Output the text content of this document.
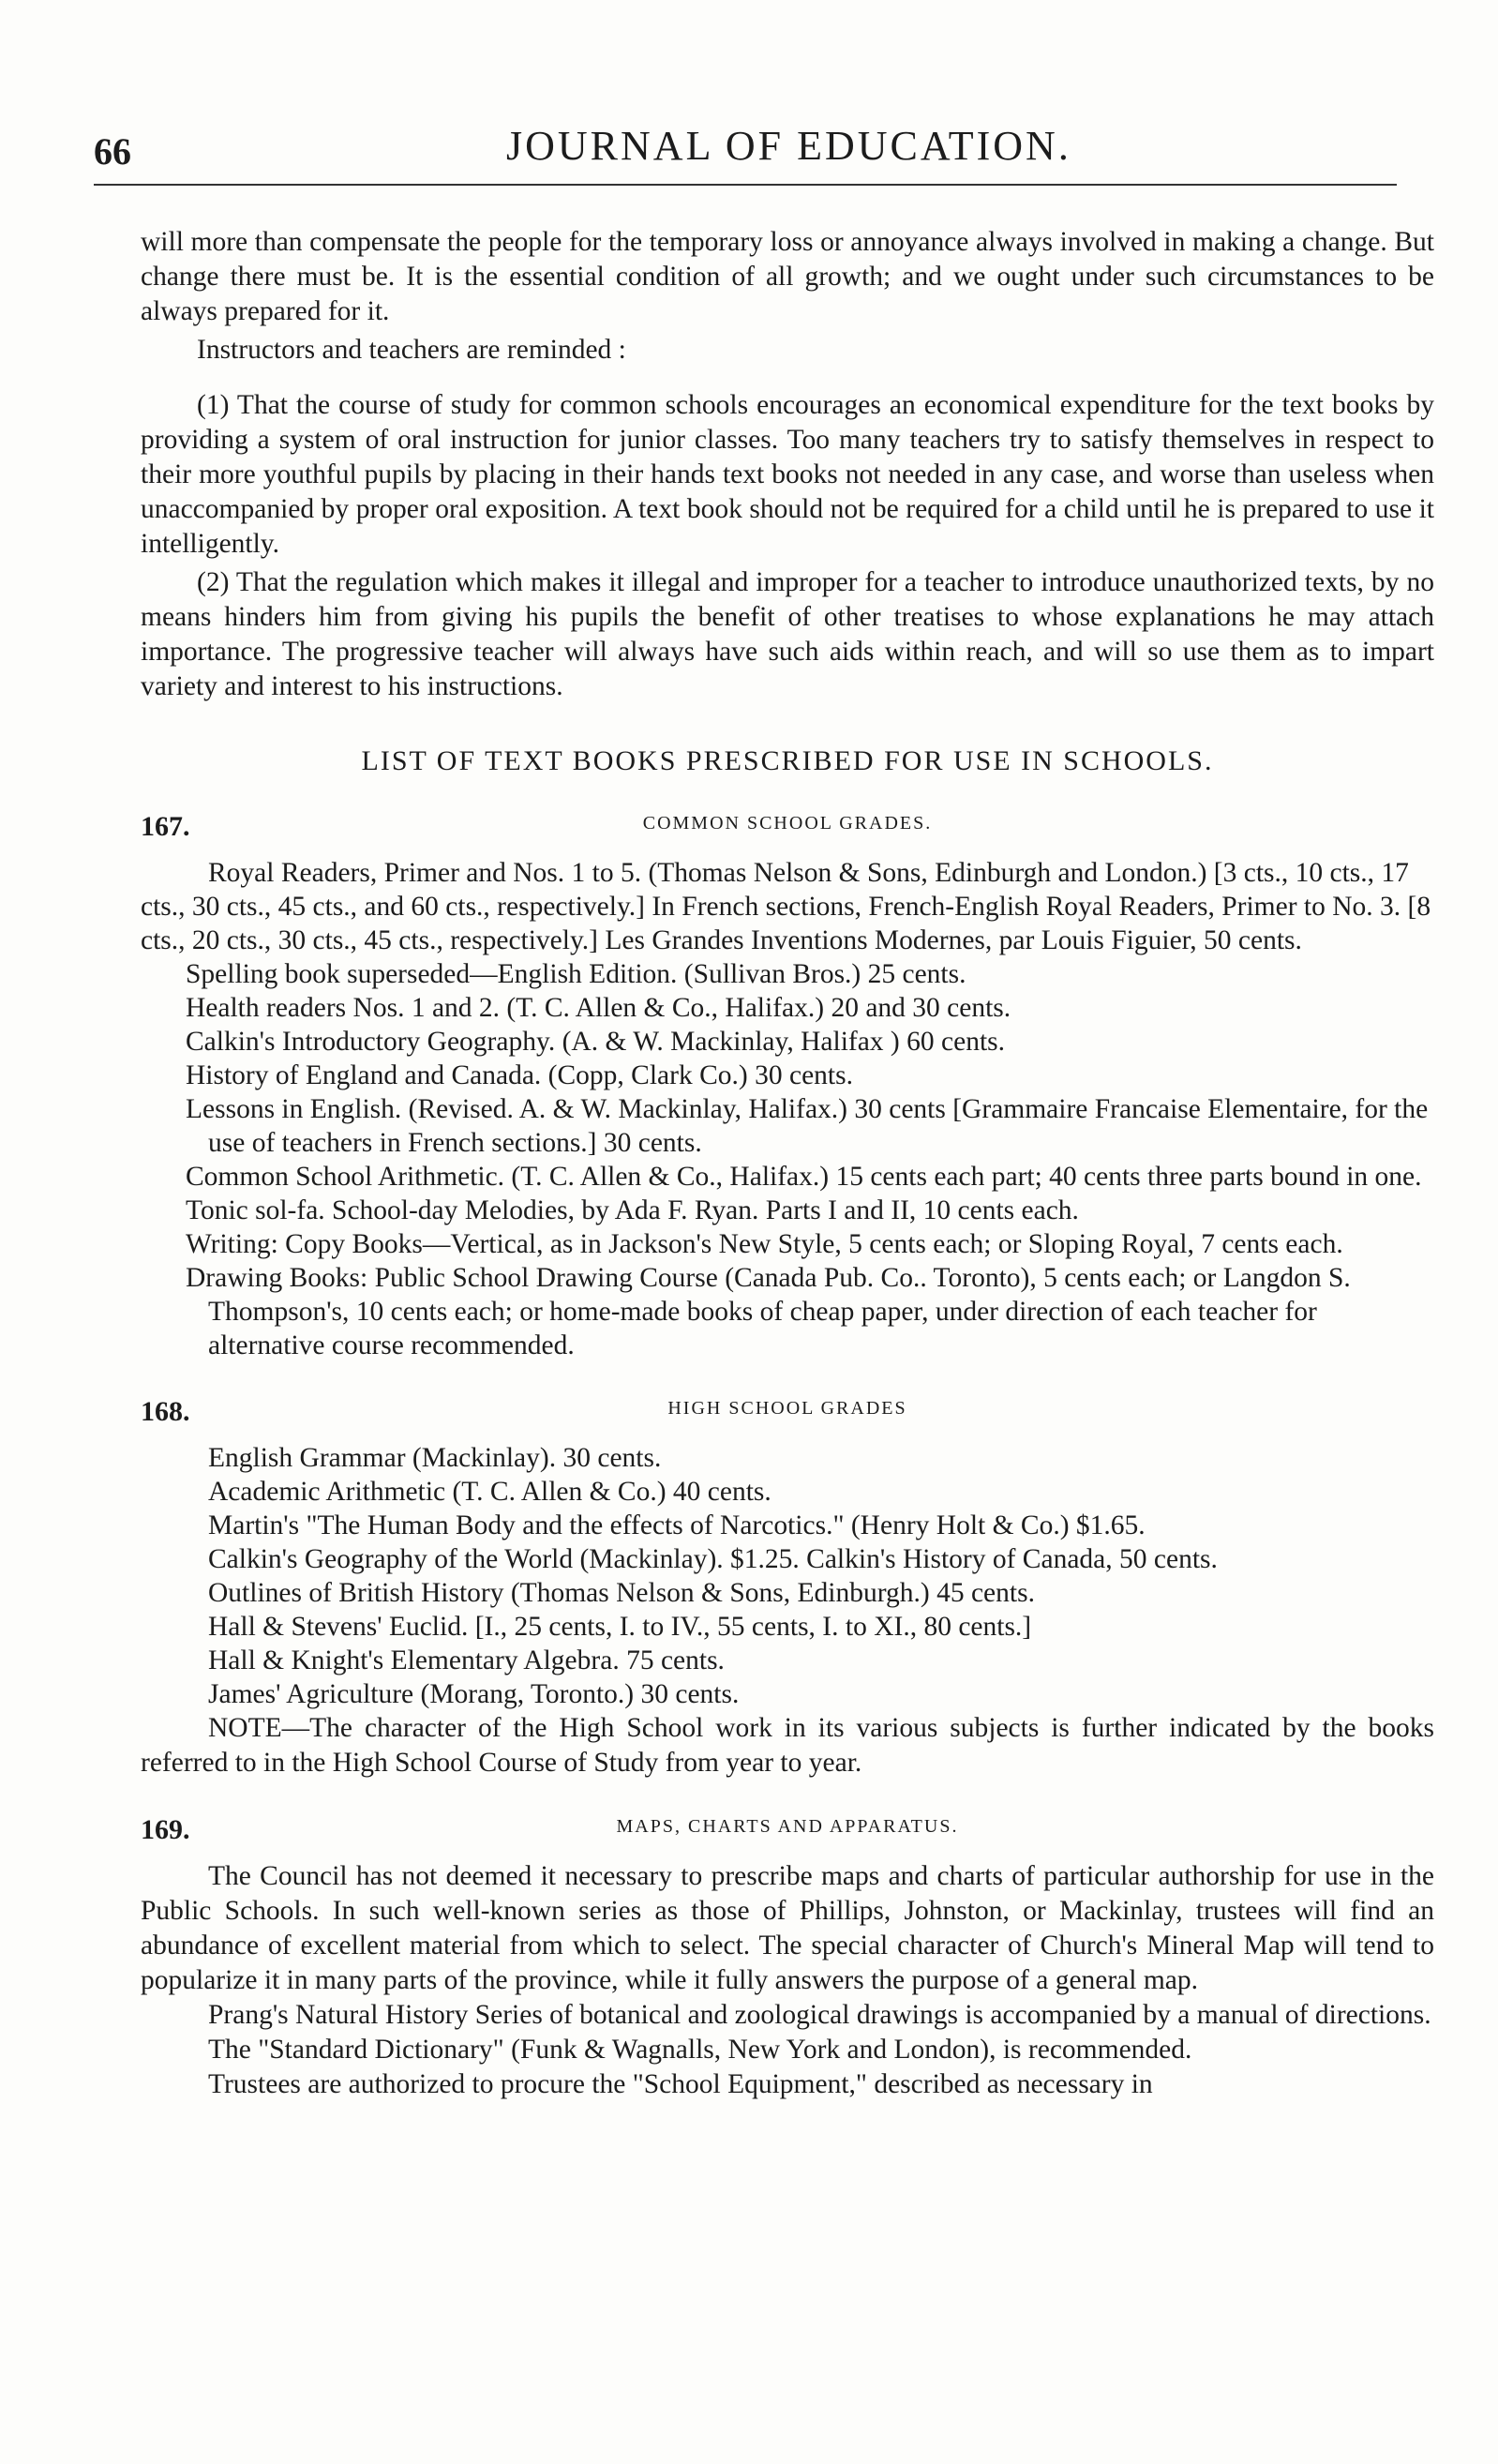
66	JOURNAL OF EDUCATION.

will more than compensate the people for the temporary loss or annoyance always involved in making a change. But change there must be. It is the essential condition of all growth; and we ought under such circumstances to be always prepared for it.

Instructors and teachers are reminded :

(1) That the course of study for common schools encourages an economical expenditure for the text books by providing a system of oral instruction for junior classes. Too many teachers try to satisfy themselves in respect to their more youthful pupils by placing in their hands text books not needed in any case, and worse than useless when unaccompanied by proper oral exposition. A text book should not be required for a child until he is prepared to use it intelligently.

(2) That the regulation which makes it illegal and improper for a teacher to introduce unauthorized texts, by no means hinders him from giving his pupils the benefit of other treatises to whose explanations he may attach importance. The progressive teacher will always have such aids within reach, and will so use them as to impart variety and interest to his instructions.

LIST OF TEXT BOOKS PRESCRIBED FOR USE IN SCHOOLS.
167.	COMMON SCHOOL GRADES.

Royal Readers, Primer and Nos. 1 to 5. (Thomas Nelson & Sons, Edinburgh and London.) [3 cts., 10 cts., 17 cts., 30 cts., 45 cts., and 60 cts., respectively.] In French sections, French-English Royal Readers, Primer to No. 3. [8 cts., 20 cts., 30 cts., 45 cts., respectively.] Les Grandes Inventions Modernes, par Louis Figuier, 50 cents.

Spelling book superseded—English Edition. (Sullivan Bros.) 25 cents.

Health readers Nos. 1 and 2. (T. C. Allen & Co., Halifax.) 20 and 30 cents.

Calkin's Introductory Geography. (A. & W. Mackinlay, Halifax ) 60 cents.

History of England and Canada. (Copp, Clark Co.) 30 cents.

Lessons in English. (Revised. A. & W. Mackinlay, Halifax.) 30 cents [Grammaire Francaise Elementaire, for the use of teachers in French sections.] 30 cents.

Common School Arithmetic. (T. C. Allen & Co., Halifax.) 15 cents each part; 40 cents three parts bound in one.

Tonic sol-fa. School-day Melodies, by Ada F. Ryan. Parts I and II, 10 cents each.

Writing: Copy Books—Vertical, as in Jackson's New Style, 5 cents each; or Sloping Royal, 7 cents each.

Drawing Books: Public School Drawing Course (Canada Pub. Co.. Toronto), 5 cents each; or Langdon S. Thompson's, 10 cents each; or home-made books of cheap paper, under direction of each teacher for alternative course recommended.

168.	HIGH SCHOOL GRADES

English Grammar (Mackinlay). 30 cents.

Academic Arithmetic (T. C. Allen & Co.) 40 cents.

Martin's "The Human Body and the effects of Narcotics." (Henry Holt & Co.) $1.65.

Calkin's Geography of the World (Mackinlay). $1.25. Calkin's History of Canada, 50 cents.

Outlines of British History (Thomas Nelson & Sons, Edinburgh.) 45 cents.

Hall & Stevens' Euclid. [I., 25 cents, I. to IV., 55 cents, I. to XI., 80 cents.]

Hall & Knight's Elementary Algebra. 75 cents.

James' Agriculture (Morang, Toronto.) 30 cents.

NOTE—The character of the High School work in its various subjects is further indicated by the books referred to in the High School Course of Study from year to year.

169.	MAPS, CHARTS AND APPARATUS.

The Council has not deemed it necessary to prescribe maps and charts of particular authorship for use in the Public Schools. In such well-known series as those of Phillips, Johnston, or Mackinlay, trustees will find an abundance of excellent material from which to select. The special character of Church's Mineral Map will tend to popularize it in many parts of the province, while it fully answers the purpose of a general map.

Prang's Natural History Series of botanical and zoological drawings is accompanied by a manual of directions.

The "Standard Dictionary" (Funk & Wagnalls, New York and London), is recommended.

Trustees are authorized to procure the "School Equipment," described as necessary in
